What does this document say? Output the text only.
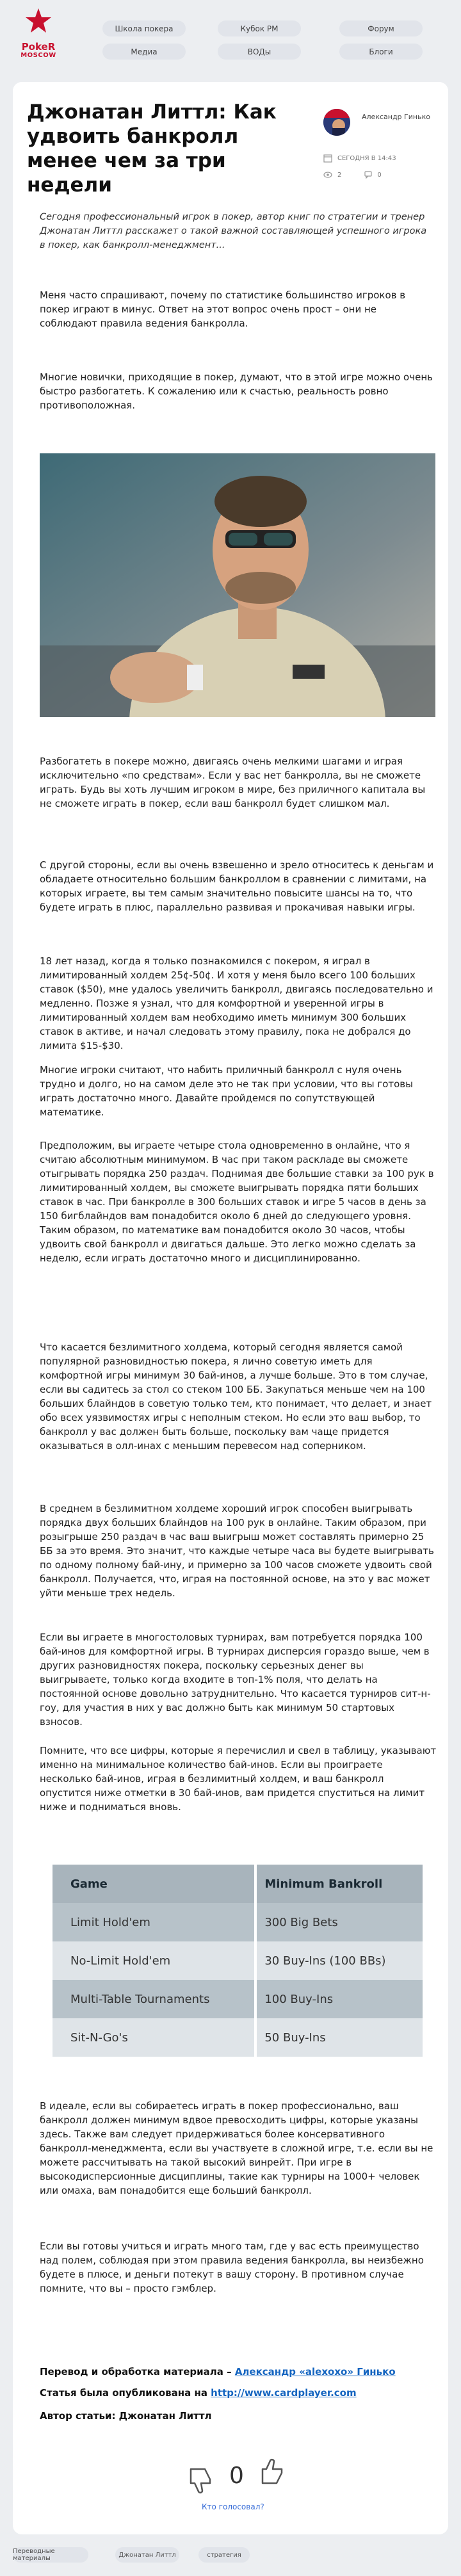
PokeR
MOSCOW
Школа покера	Кубок РМ	Форум
Медиа	ВОДы	Блоги
Джонатан Литтл: Как удвоить банкролл менее чем за три недели
Александр Гинько
СЕГОДНЯ В 14:43
2	0

Сегодня профессиональный игрок в покер, автор книг по стратегии и тренер Джонатан Литтл расскажет о такой важной составляющей успешного игрока в покер, как банкролл-менеджмент...

Меня часто спрашивают, почему по статистике большинство игроков в покер играют в минус. Ответ на этот вопрос очень прост – они не соблюдают правила ведения банкролла.

Многие новички, приходящие в покер, думают, что в этой игре можно очень быстро разбогатеть. К сожалению или к счастью, реальность ровно противоположная.

Разбогатеть в покере можно, двигаясь очень мелкими шагами и играя исключительно «по средствам». Если у вас нет банкролла, вы не сможете играть. Будь вы хоть лучшим игроком в мире, без приличного капитала вы не сможете играть в покер, если ваш банкролл будет слишком мал.

С другой стороны, если вы очень взвешенно и зрело относитесь к деньгам и обладаете относительно большим банкроллом в сравнении с лимитами, на которых играете, вы тем самым значительно повысите шансы на то, что будете играть в плюс, параллельно развивая и прокачивая навыки игры.

18 лет назад, когда я только познакомился с покером, я играл в лимитированный холдем 25¢-50¢. И хотя у меня было всего 100 больших ставок ($50), мне удалось увеличить банкролл, двигаясь последовательно и медленно. Позже я узнал, что для комфортной и уверенной игры в лимитированный холдем вам необходимо иметь минимум 300 больших ставок в активе, и начал следовать этому правилу, пока не добрался до лимита $15-$30.

Многие игроки считают, что набить приличный банкролл с нуля очень трудно и долго, но на самом деле это не так при условии, что вы готовы играть достаточно много. Давайте пройдемся по сопутствующей математике.

Предположим, вы играете четыре стола одновременно в онлайне, что я считаю абсолютным минимумом. В час при таком раскладе вы сможете отыгрывать порядка 250 раздач. Поднимая две большие ставки за 100 рук в лимитированный холдем, вы сможете выигрывать порядка пяти больших ставок в час. При банкролле в 300 больших ставок и игре 5 часов в день за 150 бигблайндов вам понадобится около 6 дней до следующего уровня. Таким образом, по математике вам понадобится около 30 часов, чтобы удвоить свой банкролл и двигаться дальше. Это легко можно сделать за неделю, если играть достаточно много и дисциплинированно.

Что касается безлимитного холдема, который сегодня является самой популярной разновидностью покера, я лично советую иметь для комфортной игры минимум 30 бай-инов, а лучше больше. Это в том случае, если вы садитесь за стол со стеком 100 ББ. Закупаться меньше чем на 100 больших блайндов в советую только тем, кто понимает, что делает, и знает обо всех уязвимостях игры с неполным стеком. Но если это ваш выбор, то банкролл у вас должен быть больше, поскольку вам чаще придется оказываться в олл-инах с меньшим перевесом над соперником.

В среднем в безлимитном холдеме хороший игрок способен выигрывать порядка двух больших блайндов на 100 рук в онлайне. Таким образом, при розыгрыше 250 раздач в час ваш выигрыш может составлять примерно 25 ББ за это время. Это значит, что каждые четыре часа вы будете выигрывать по одному полному бай-ину, и примерно за 100 часов сможете удвоить свой банкролл. Получается, что, играя на постоянной основе, на это у вас может уйти меньше трех недель.

Если вы играете в многостоловых турнирах, вам потребуется порядка 100 бай-инов для комфортной игры. В турнирах дисперсия гораздо выше, чем в других разновидностях покера, поскольку серьезных денег вы выигрываете, только когда входите в топ-1% поля, что делать на постоянной основе довольно затруднительно. Что касается турниров сит-н-гоу, для участия в них у вас должно быть как минимум 50 стартовых взносов.

Помните, что все цифры, которые я перечислил и свел в таблицу, указывают именно на минимальное количество бай-инов. Если вы проиграете несколько бай-инов, играя в безлимитный холдем, и ваш банкролл опустится ниже отметки в 30 бай-инов, вам придется спуститься на лимит ниже и подниматься вновь.

Game	Minimum Bankroll
Limit Hold'em	300 Big Bets
No-Limit Hold'em	30 Buy-Ins (100 BBs)
Multi-Table Tournaments	100 Buy-Ins
Sit-N-Go's	50 Buy-Ins

В идеале, если вы собираетесь играть в покер профессионально, ваш банкролл должен минимум вдвое превосходить цифры, которые указаны здесь. Также вам следует придерживаться более консервативного банкролл-менеджмента, если вы участвуете в сложной игре, т.е. если вы не можете рассчитывать на такой высокий винрейт. При игре в высокодисперсионные дисциплины, такие как турниры на 1000+ человек или омаха, вам понадобится еще больший банкролл.

Если вы готовы учиться и играть много там, где у вас есть преимущество над полем, соблюдая при этом правила ведения банкролла, вы неизбежно будете в плюсе, и деньги потекут в вашу сторону. В противном случае помните, что вы – просто гэмблер.

Перевод и обработка материала – Александр «alexoxo» Гинько
Статья была опубликована на http://www.cardplayer.com
Автор статьи: Джонатан Литтл
0
Кто голосовал?
Переводные материалы	Джонатан Литтл	стратегия
